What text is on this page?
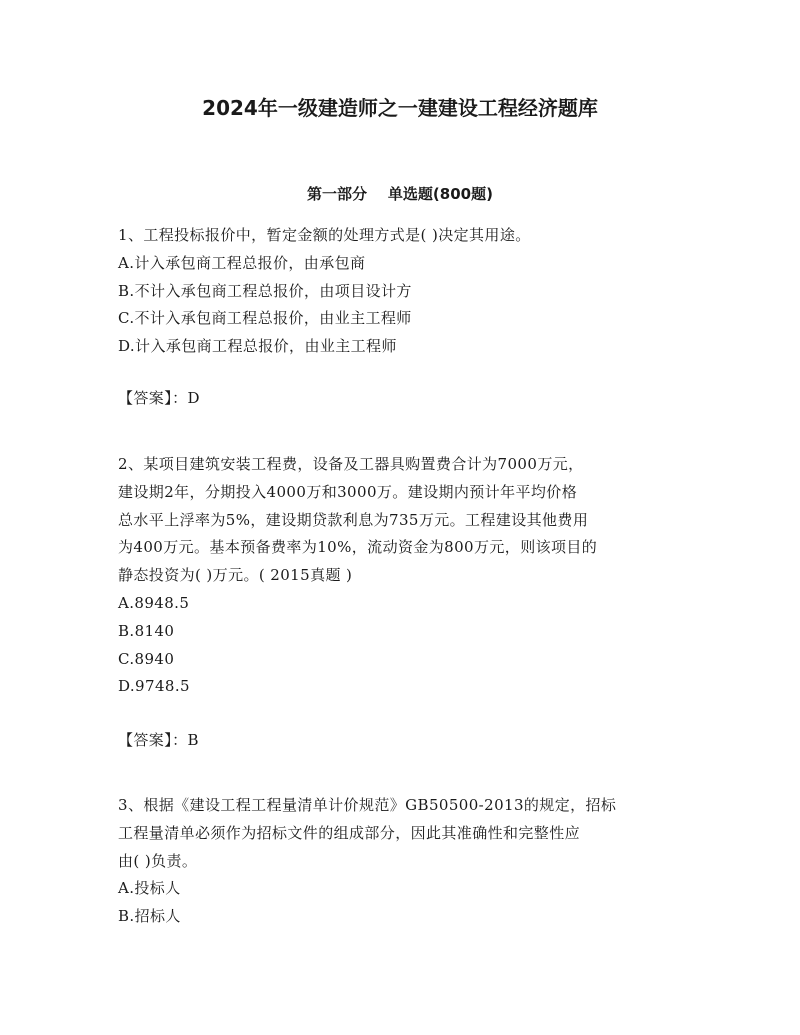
2024年一级建造师之一建建设工程经济题库
第一部分    单选题(800题)

1、工程投标报价中，暂定金额的处理方式是( )决定其用途。

A.计入承包商工程总报价，由承包商

B.不计入承包商工程总报价，由项目设计方

C.不计入承包商工程总报价，由业主工程师

D.计入承包商工程总报价，由业主工程师

【答案】：D

2、某项目建筑安装工程费，设备及工器具购置费合计为7000万元，

建设期2年，分期投入4000万和3000万。建设期内预计年平均价格

总水平上浮率为5%，建设期贷款利息为735万元。工程建设其他费用

为400万元。基本预备费率为10%，流动资金为800万元，则该项目的

静态投资为( )万元。( 2015真题 )

A.8948.5

B.8140

C.8940

D.9748.5

【答案】：B

3、根据《建设工程工程量清单计价规范》GB50500-2013的规定，招标

工程量清单必须作为招标文件的组成部分，因此其准确性和完整性应

由( )负责。

A.投标人

B.招标人
